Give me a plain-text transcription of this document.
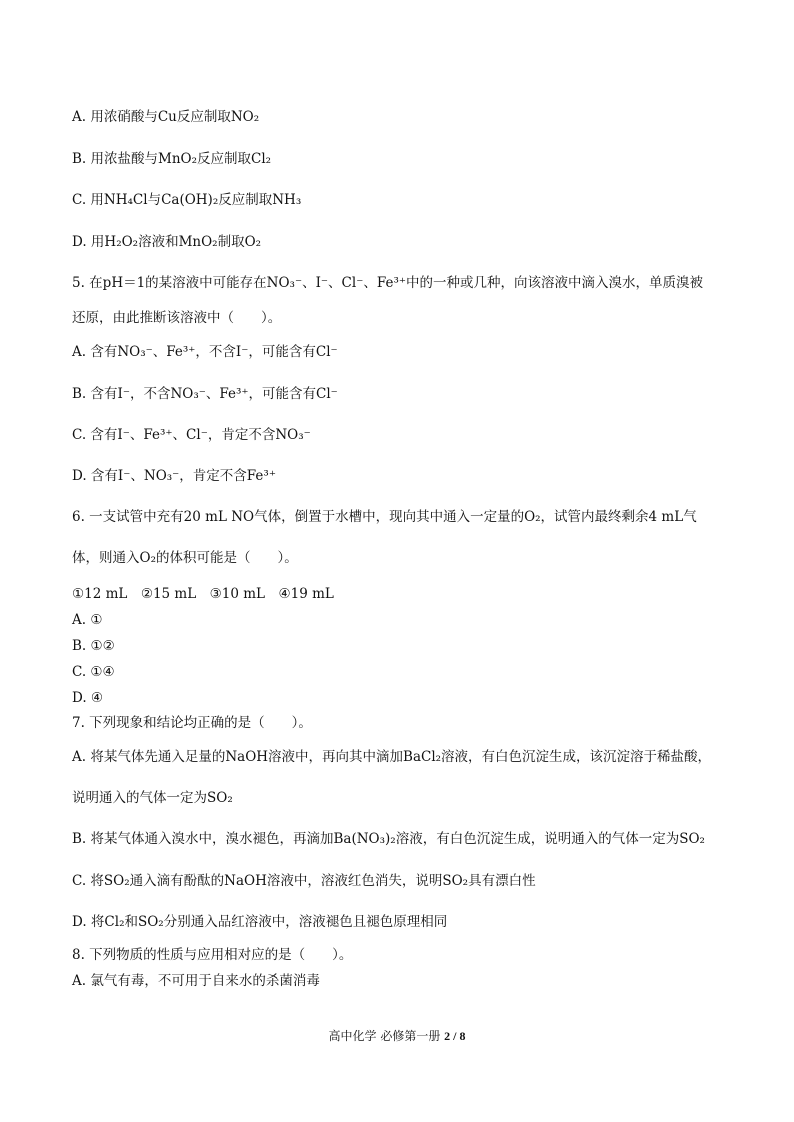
A. 用浓硝酸与Cu反应制取NO₂
B. 用浓盐酸与MnO₂反应制取Cl₂
C. 用NH₄Cl与Ca(OH)₂反应制取NH₃
D. 用H₂O₂溶液和MnO₂制取O₂
5. 在pH＝1的某溶液中可能存在NO₃⁻、I⁻、Cl⁻、Fe³⁺中的一种或几种，向该溶液中滴入溴水，单质溴被
还原，由此推断该溶液中（　　）。
A. 含有NO₃⁻、Fe³⁺，不含I⁻，可能含有Cl⁻
B. 含有I⁻，不含NO₃⁻、Fe³⁺，可能含有Cl⁻
C. 含有I⁻、Fe³⁺、Cl⁻，肯定不含NO₃⁻
D. 含有I⁻、NO₃⁻，肯定不含Fe³⁺
6. 一支试管中充有20 mL NO气体，倒置于水槽中，现向其中通入一定量的O₂，试管内最终剩余4 mL气
体，则通入O₂的体积可能是（　　）。
①12 mL　②15 mL　③10 mL　④19 mL
A. ①
B. ①②
C. ①④
D. ④
7. 下列现象和结论均正确的是（　　）。
A. 将某气体先通入足量的NaOH溶液中，再向其中滴加BaCl₂溶液，有白色沉淀生成，该沉淀溶于稀盐酸，
说明通入的气体一定为SO₂
B. 将某气体通入溴水中，溴水褪色，再滴加Ba(NO₃)₂溶液，有白色沉淀生成，说明通入的气体一定为SO₂
C. 将SO₂通入滴有酚酞的NaOH溶液中，溶液红色消失，说明SO₂具有漂白性
D. 将Cl₂和SO₂分别通入品红溶液中，溶液褪色且褪色原理相同
8. 下列物质的性质与应用相对应的是（　　）。
A. 氯气有毒，不可用于自来水的杀菌消毒
高中化学 必修第一册 2 / 8
